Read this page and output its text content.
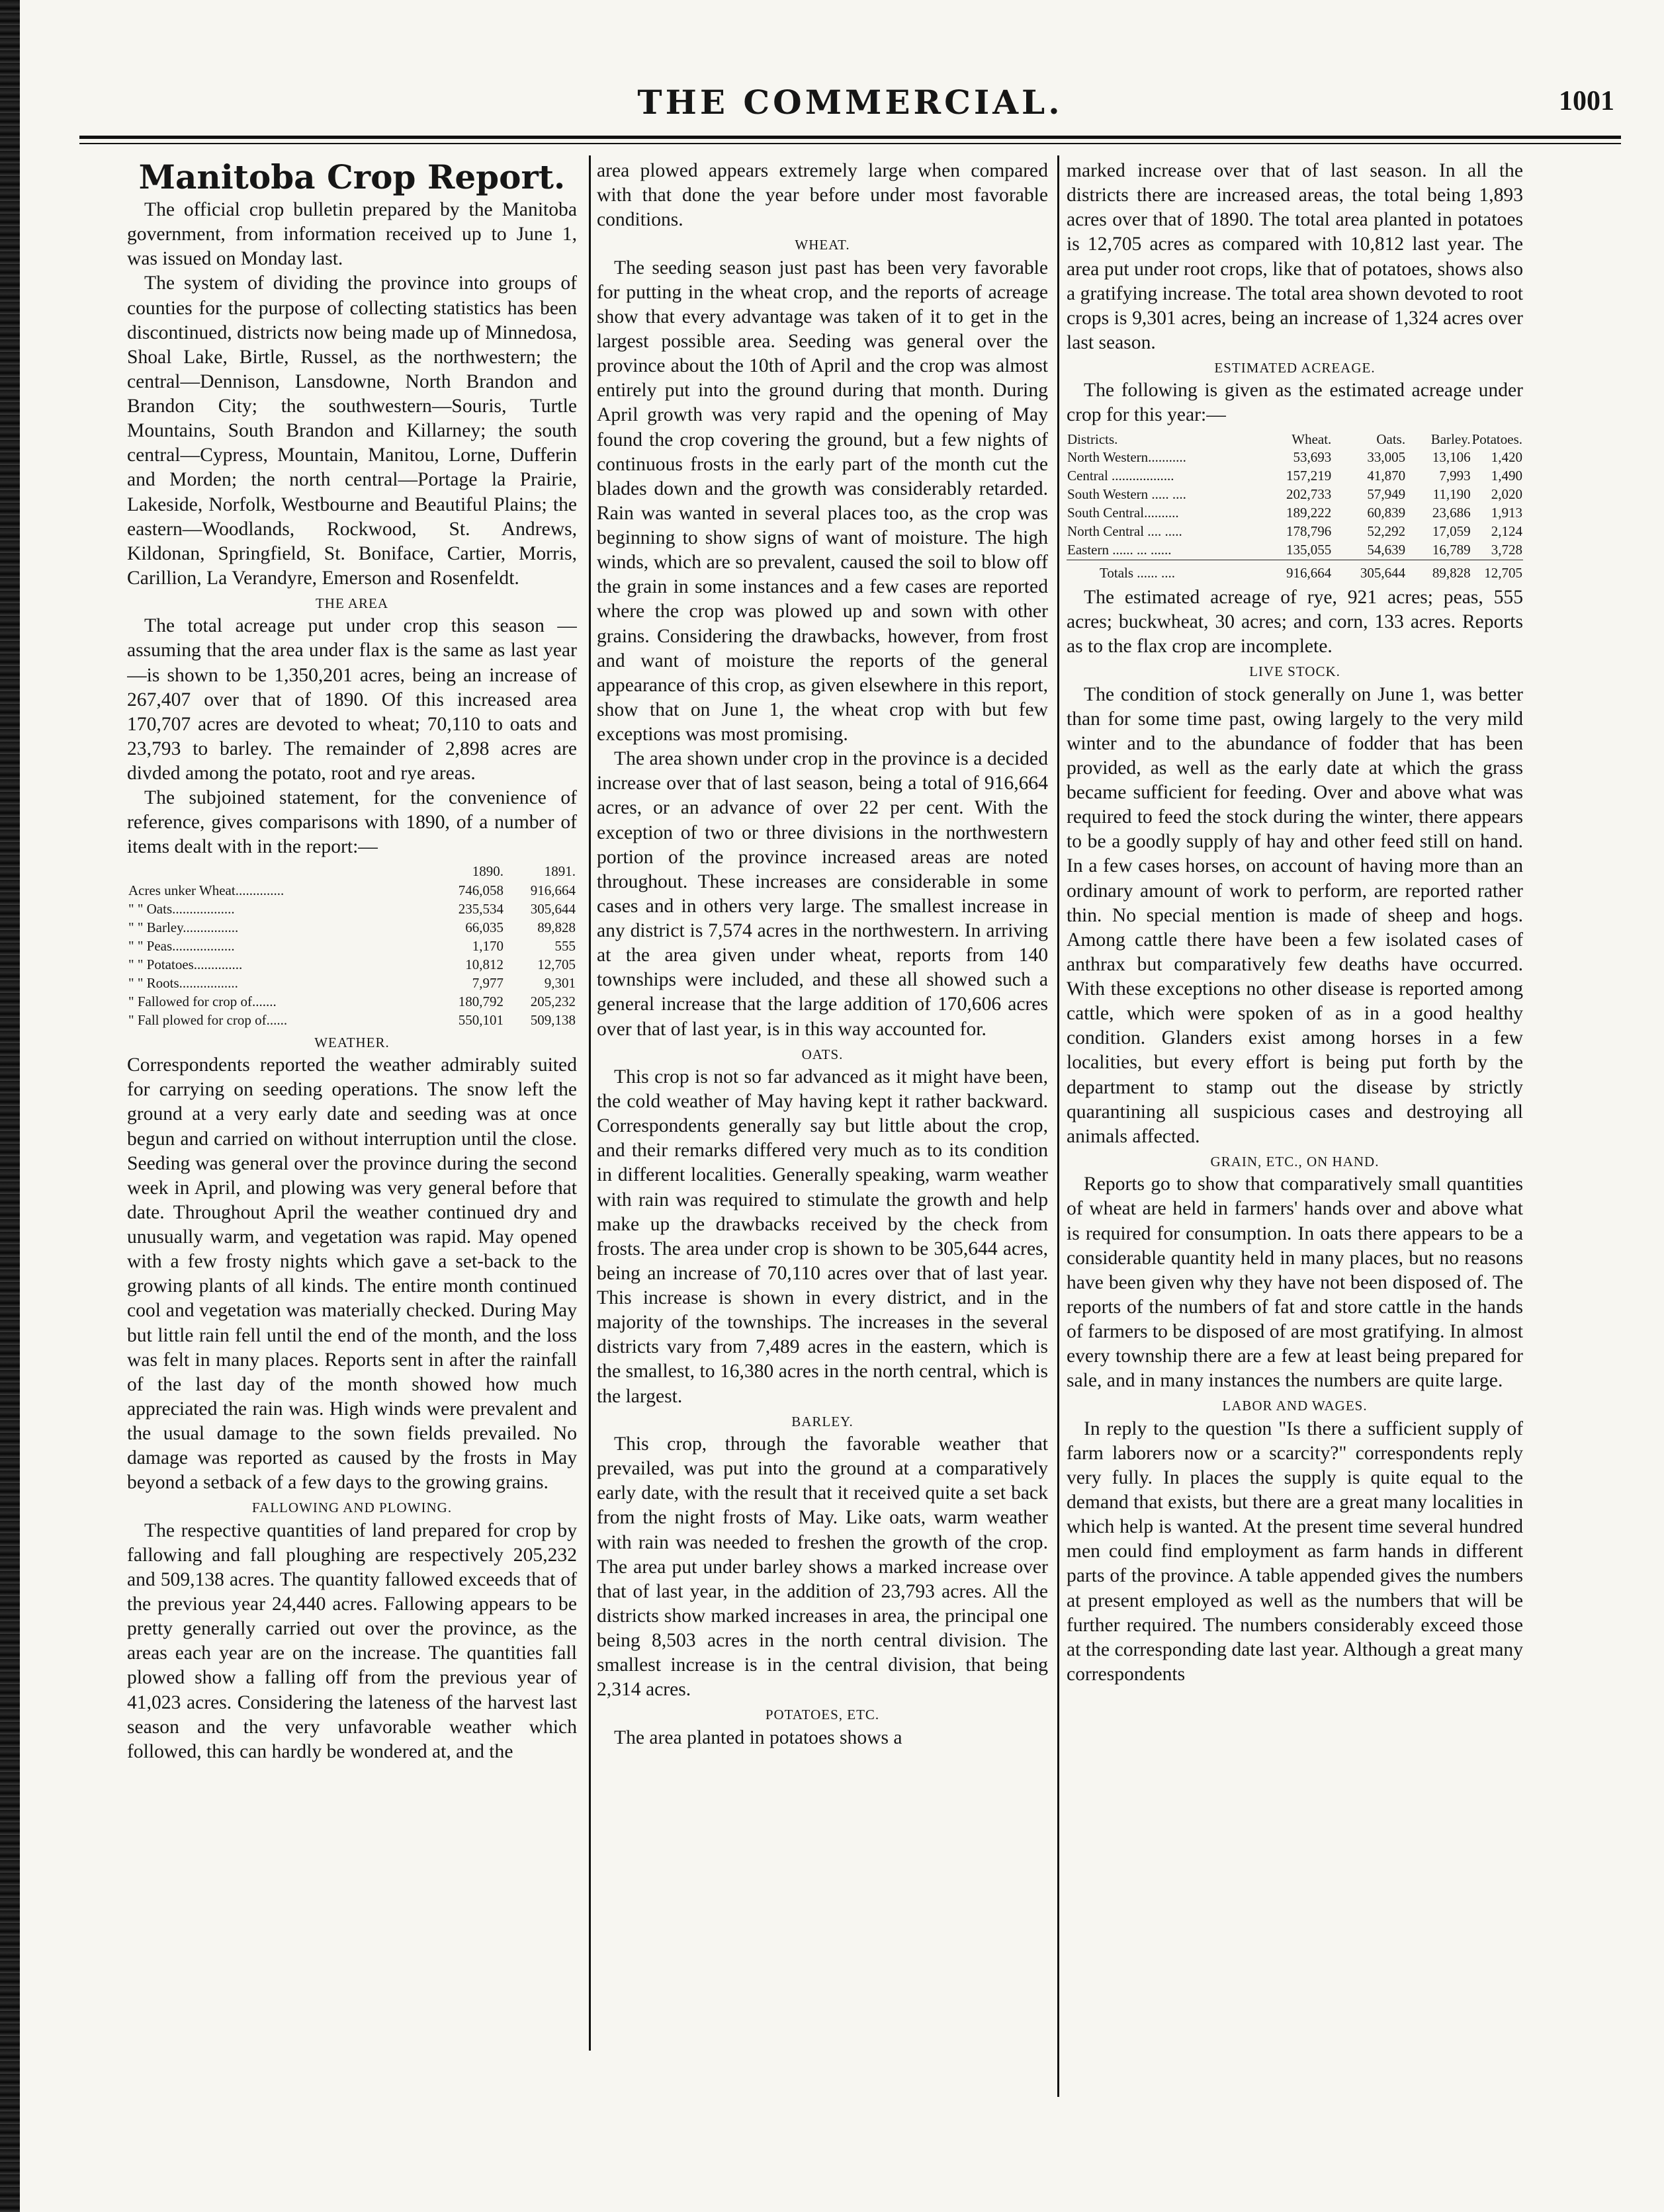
THE COMMERCIAL.	1001
Manitoba Crop Report.

The official crop bulletin prepared by the Manitoba government, from information received up to June 1, was issued on Monday last.

The system of dividing the province into groups of counties for the purpose of collecting statistics has been discontinued, districts now being made up of Minnedosa, Shoal Lake, Birtle, Russel, as the northwestern; the central—Dennison, Lansdowne, North Brandon and Brandon City; the southwestern—Souris, Turtle Mountains, South Brandon and Killarney; the south central—Cypress, Mountain, Manitou, Lorne, Dufferin and Morden; the north central—Portage la Prairie, Lakeside, Norfolk, Westbourne and Beautiful Plains; the eastern—Woodlands, Rockwood, St. Andrews, Kildonan, Springfield, St. Boniface, Cartier, Morris, Carillion, La Verandyre, Emerson and Rosenfeldt.

THE AREA

The total acreage put under crop this season —assuming that the area under flax is the same as last year—is shown to be 1,350,201 acres, being an increase of 267,407 over that of 1890. Of this increased area 170,707 acres are devoted to wheat; 70,110 to oats and 23,793 to barley. The remainder of 2,898 acres are divded among the potato, root and rye areas.

The subjoined statement, for the convenience of reference, gives comparisons with 1890, of a number of items dealt with in the report:—

	1890.	1891.
Acres unker Wheat..............	746,058	916,664
" " Oats..................	235,534	305,644
" " Barley................	66,035	89,828
" " Peas..................	1,170	555
" " Potatoes..............	10,812	12,705
" " Roots.................	7,977	9,301
" Fallowed for crop of.......	180,792	205,232
" Fall plowed for crop of......	550,101	509,138
WEATHER.

Correspondents reported the weather admirably suited for carrying on seeding operations. The snow left the ground at a very early date and seeding was at once begun and carried on without interruption until the close. Seeding was general over the province during the second week in April, and plowing was very general before that date. Throughout April the weather continued dry and unusually warm, and vegetation was rapid. May opened with a few frosty nights which gave a set-back to the growing plants of all kinds. The entire month continued cool and vegetation was materially checked. During May but little rain fell until the end of the month, and the loss was felt in many places. Reports sent in after the rainfall of the last day of the month showed how much appreciated the rain was. High winds were prevalent and the usual damage to the sown fields prevailed. No damage was reported as caused by the frosts in May beyond a setback of a few days to the growing grains.

FALLOWING AND PLOWING.

The respective quantities of land prepared for crop by fallowing and fall ploughing are respectively 205,232 and 509,138 acres. The quantity fallowed exceeds that of the previous year 24,440 acres. Fallowing appears to be pretty generally carried out over the province, as the areas each year are on the increase. The quantities fall plowed show a falling off from the previous year of 41,023 acres. Considering the lateness of the harvest last season and the very unfavorable weather which followed, this can hardly be wondered at, and the

area plowed appears extremely large when compared with that done the year before under most favorable conditions.

WHEAT.

The seeding season just past has been very favorable for putting in the wheat crop, and the reports of acreage show that every advantage was taken of it to get in the largest possible area. Seeding was general over the province about the 10th of April and the crop was almost entirely put into the ground during that month. During April growth was very rapid and the opening of May found the crop covering the ground, but a few nights of continuous frosts in the early part of the month cut the blades down and the growth was considerably retarded. Rain was wanted in several places too, as the crop was beginning to show signs of want of moisture. The high winds, which are so prevalent, caused the soil to blow off the grain in some instances and a few cases are reported where the crop was plowed up and sown with other grains. Considering the drawbacks, however, from frost and want of moisture the reports of the general appearance of this crop, as given elsewhere in this report, show that on June 1, the wheat crop with but few exceptions was most promising.

The area shown under crop in the province is a decided increase over that of last season, being a total of 916,664 acres, or an advance of over 22 per cent. With the exception of two or three divisions in the northwestern portion of the province increased areas are noted throughout. These increases are considerable in some cases and in others very large. The smallest increase in any district is 7,574 acres in the northwestern. In arriving at the area given under wheat, reports from 140 townships were included, and these all showed such a general increase that the large addition of 170,606 acres over that of last year, is in this way accounted for.

OATS.

This crop is not so far advanced as it might have been, the cold weather of May having kept it rather backward. Correspondents generally say but little about the crop, and their remarks differed very much as to its condition in different localities. Generally speaking, warm weather with rain was required to stimulate the growth and help make up the drawbacks received by the check from frosts. The area under crop is shown to be 305,644 acres, being an increase of 70,110 acres over that of last year. This increase is shown in every district, and in the majority of the townships. The increases in the several districts vary from 7,489 acres in the eastern, which is the smallest, to 16,380 acres in the north central, which is the largest.

BARLEY.

This crop, through the favorable weather that prevailed, was put into the ground at a comparatively early date, with the result that it received quite a set back from the night frosts of May. Like oats, warm weather with rain was needed to freshen the growth of the crop. The area put under barley shows a marked increase over that of last year, in the addition of 23,793 acres. All the districts show marked increases in area, the principal one being 8,503 acres in the north central division. The smallest increase is in the central division, that being 2,314 acres.

POTATOES, ETC.

The area planted in potatoes shows a

marked increase over that of last season. In all the districts there are increased areas, the total being 1,893 acres over that of 1890. The total area planted in potatoes is 12,705 acres as compared with 10,812 last year. The area put under root crops, like that of potatoes, shows also a gratifying increase. The total area shown devoted to root crops is 9,301 acres, being an increase of 1,324 acres over last season.

ESTIMATED ACREAGE.

The following is given as the estimated acreage under crop for this year:—

Districts.	Wheat.	Oats.	Barley.	Potatoes.
North Western...........	53,693	33,005	13,106	1,420
Central ..................	157,219	41,870	7,993	1,490
South Western ..... ....	202,733	57,949	11,190	2,020
South Central..........	189,222	60,839	23,686	1,913
North Central .... .....	178,796	52,292	17,059	2,124
Eastern ...... ... ......	135,055	54,639	16,789	3,728
Totals ...... ....	916,664	305,644	89,828	12,705

The estimated acreage of rye, 921 acres; peas, 555 acres; buckwheat, 30 acres; and corn, 133 acres. Reports as to the flax crop are incomplete.

LIVE STOCK.

The condition of stock generally on June 1, was better than for some time past, owing largely to the very mild winter and to the abundance of fodder that has been provided, as well as the early date at which the grass became sufficient for feeding. Over and above what was required to feed the stock during the winter, there appears to be a goodly supply of hay and other feed still on hand. In a few cases horses, on account of having more than an ordinary amount of work to perform, are reported rather thin. No special mention is made of sheep and hogs. Among cattle there have been a few isolated cases of anthrax but comparatively few deaths have occurred. With these exceptions no other disease is reported among cattle, which were spoken of as in a good healthy condition. Glanders exist among horses in a few localities, but every effort is being put forth by the department to stamp out the disease by strictly quarantining all suspicious cases and destroying all animals affected.

GRAIN, ETC., ON HAND.

Reports go to show that comparatively small quantities of wheat are held in farmers' hands over and above what is required for consumption. In oats there appears to be a considerable quantity held in many places, but no reasons have been given why they have not been disposed of. The reports of the numbers of fat and store cattle in the hands of farmers to be disposed of are most gratifying. In almost every township there are a few at least being prepared for sale, and in many instances the numbers are quite large.

LABOR AND WAGES.

In reply to the question "Is there a sufficient supply of farm laborers now or a scarcity?" correspondents reply very fully. In places the supply is quite equal to the demand that exists, but there are a great many localities in which help is wanted. At the present time several hundred men could find employment as farm hands in different parts of the province. A table appended gives the numbers at present employed as well as the numbers that will be further required. The numbers considerably exceed those at the corresponding date last year. Although a great many correspondents
